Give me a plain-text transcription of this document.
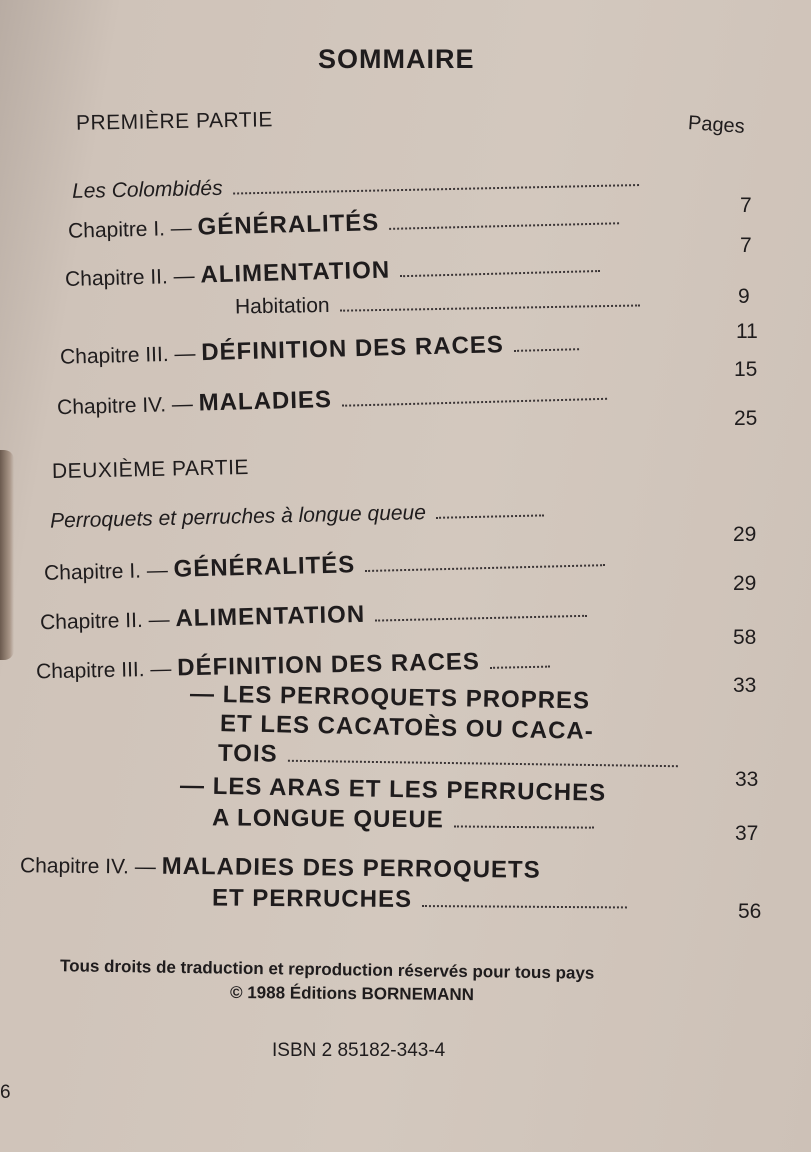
SOMMAIRE
PREMIÈRE PARTIE	Pages
Les Colombidés
Chapitre I. — GÉNÉRALITÉS
Chapitre II. — ALIMENTATION
Habitation
Chapitre III. — DÉFINITION DES RACES
Chapitre IV. — MALADIES
7
7
9
11
15
25
DEUXIÈME PARTIE
Perroquets et perruches à longue queue
Chapitre I. — GÉNÉRALITÉS
Chapitre II. — ALIMENTATION
Chapitre III. — DÉFINITION DES RACES
— LES PERROQUETS PROPRES
ET LES CACATOÈS OU CACA-
TOIS
— LES ARAS ET LES PERRUCHES
A LONGUE QUEUE
Chapitre IV. — MALADIES DES PERROQUETS
ET PERRUCHES
29
29
58
33
33
37
56
Tous droits de traduction et reproduction réservés pour tous pays
© 1988 Éditions BORNEMANN
ISBN 2 85182-343-4
6
